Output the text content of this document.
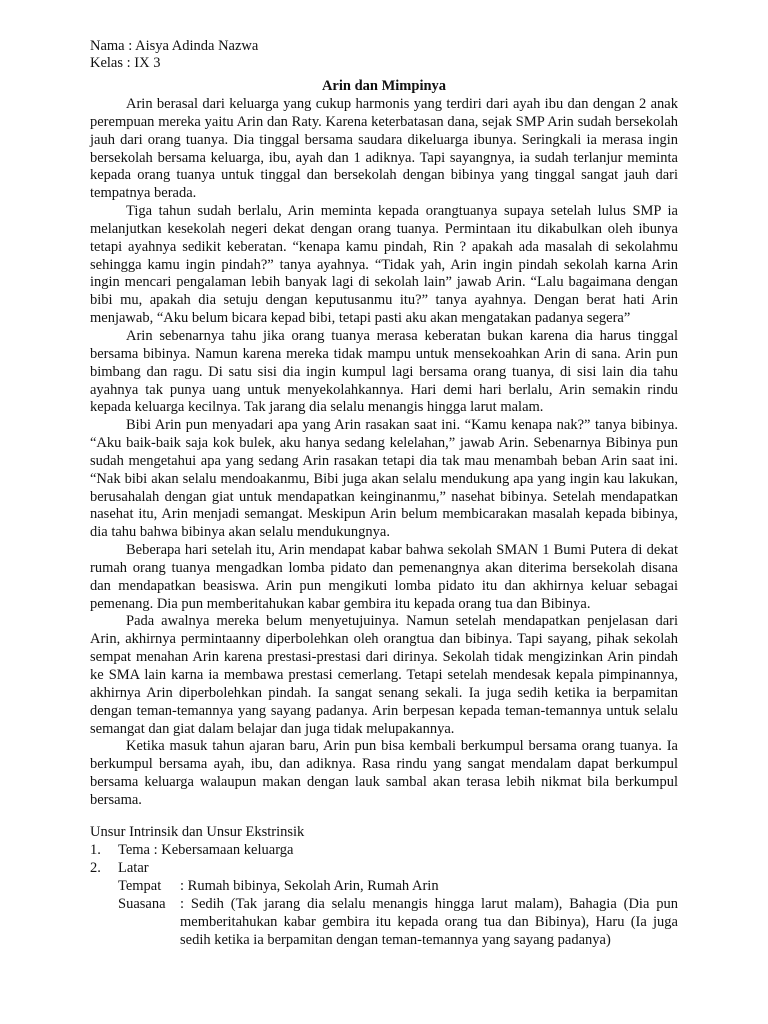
Nama : Aisya Adinda Nazwa
Kelas : IX 3
Arin dan Mimpinya

Arin berasal dari keluarga yang cukup harmonis yang terdiri dari ayah ibu dan dengan 2 anak perempuan mereka yaitu Arin dan Raty. Karena keterbatasan dana, sejak SMP Arin sudah bersekolah jauh dari orang tuanya. Dia tinggal bersama saudara dikeluarga ibunya. Seringkali ia merasa ingin bersekolah bersama keluarga, ibu, ayah dan 1 adiknya. Tapi sayangnya, ia sudah terlanjur meminta kepada orang tuanya untuk tinggal dan bersekolah dengan bibinya yang tinggal sangat jauh dari tempatnya berada.

Tiga tahun sudah berlalu, Arin meminta kepada orangtuanya supaya setelah lulus SMP ia melanjutkan kesekolah negeri dekat dengan orang tuanya. Permintaan itu dikabulkan oleh ibunya tetapi ayahnya sedikit keberatan. “kenapa kamu pindah, Rin ? apakah ada masalah di sekolahmu sehingga kamu ingin pindah?” tanya ayahnya. “Tidak yah, Arin ingin pindah sekolah karna Arin ingin mencari pengalaman lebih banyak lagi di sekolah lain” jawab Arin. “Lalu bagaimana dengan bibi mu, apakah dia setuju dengan keputusanmu itu?” tanya ayahnya. Dengan berat hati Arin menjawab, “Aku belum bicara kepad bibi, tetapi pasti aku akan mengatakan padanya segera”

Arin sebenarnya tahu jika orang tuanya merasa keberatan bukan karena dia harus tinggal bersama bibinya. Namun karena mereka tidak mampu untuk mensekoahkan Arin di sana. Arin pun bimbang dan ragu. Di satu sisi dia ingin kumpul lagi bersama orang tuanya, di sisi lain dia tahu ayahnya tak punya uang untuk menyekolahkannya. Hari demi hari berlalu, Arin semakin rindu kepada keluarga kecilnya. Tak jarang dia selalu menangis hingga larut malam.

Bibi Arin pun menyadari apa yang Arin rasakan saat ini. “Kamu kenapa nak?” tanya bibinya. “Aku baik-baik saja kok bulek, aku hanya sedang kelelahan,” jawab Arin. Sebenarnya Bibinya pun sudah mengetahui apa yang sedang Arin rasakan tetapi dia tak mau menambah beban Arin saat ini. “Nak bibi akan selalu mendoakanmu, Bibi juga akan selalu mendukung apa yang ingin kau lakukan, berusahalah dengan giat untuk mendapatkan keinginanmu,” nasehat bibinya. Setelah mendapatkan nasehat itu, Arin menjadi semangat. Meskipun Arin belum membicarakan masalah kepada bibinya, dia tahu bahwa bibinya akan selalu mendukungnya.

Beberapa hari setelah itu, Arin mendapat kabar bahwa sekolah SMAN 1 Bumi Putera di dekat rumah orang tuanya mengadkan lomba pidato dan pemenangnya akan diterima bersekolah disana dan mendapatkan beasiswa. Arin pun mengikuti lomba pidato itu dan akhirnya keluar sebagai pemenang. Dia pun memberitahukan kabar gembira itu kepada orang tua dan Bibinya.

Pada awalnya mereka belum menyetujuinya. Namun setelah mendapatkan penjelasan dari Arin, akhirnya permintaanny diperbolehkan oleh orangtua dan bibinya. Tapi sayang, pihak sekolah sempat menahan Arin karena prestasi-prestasi dari dirinya. Sekolah tidak mengizinkan Arin pindah ke SMA lain karna ia membawa prestasi cemerlang. Tetapi setelah mendesak kepala pimpinannya, akhirnya Arin diperbolehkan pindah. Ia sangat senang sekali. Ia juga sedih ketika ia berpamitan dengan teman-temannya yang sayang padanya. Arin berpesan kepada teman-temannya untuk selalu semangat dan giat dalam belajar dan juga tidak melupakannya.

Ketika masuk tahun ajaran baru, Arin pun bisa kembali berkumpul bersama orang tuanya. Ia berkumpul bersama ayah, ibu, dan adiknya. Rasa rindu yang sangat mendalam dapat berkumpul bersama keluarga walaupun makan dengan lauk sambal akan terasa lebih nikmat bila berkumpul bersama.

Unsur Intrinsik dan Unsur Ekstrinsik

1.	Tema : Kebersamaan keluarga
2.	Latar
Tempat	: Rumah bibinya, Sekolah Arin, Rumah Arin
Suasana : Sedih (Tak jarang dia selalu menangis hingga larut malam), Bahagia (Dia pun memberitahukan kabar gembira itu kepada orang tua dan Bibinya), Haru (Ia juga sedih ketika ia berpamitan dengan teman-temannya yang sayang padanya)
